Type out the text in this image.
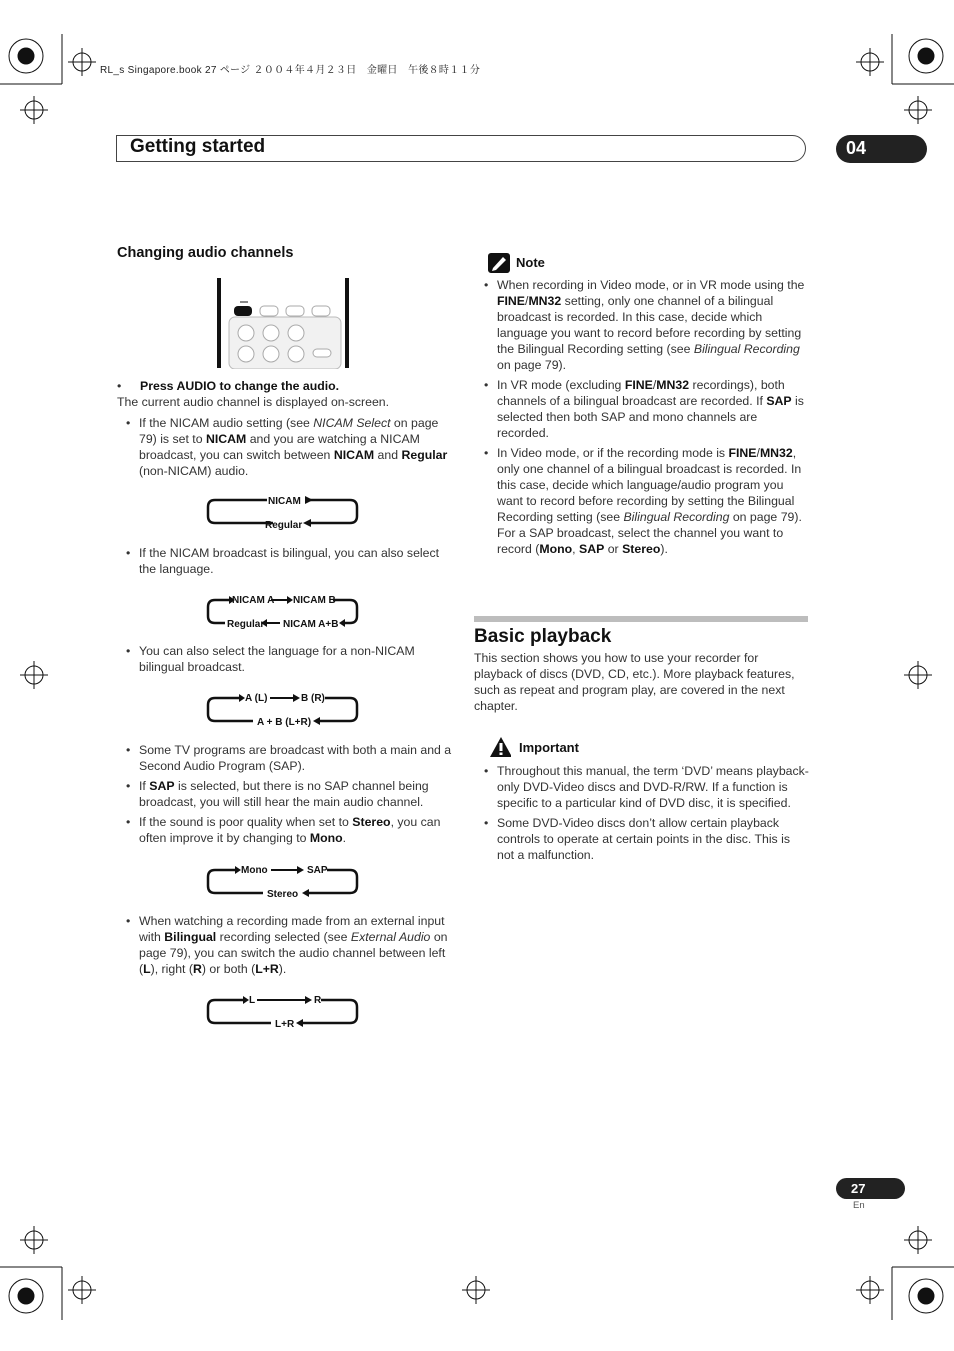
RL_s Singapore.book 27 ページ ２００４年４月２３日　金曜日　午後８時１１分
Getting started	04
Changing audio channels
• Press AUDIO to change the audio.
The current audio channel is displayed on-screen.
• If the NICAM audio setting (see NICAM Select on page 79) is set to NICAM and you are watching a NICAM broadcast, you can switch between NICAM and Regular (non-NICAM) audio.
NICAM
Regular
• If the NICAM broadcast is bilingual, you can also select the language.
NICAM A NICAM B
Regular NICAM A+B
• You can also select the language for a non-NICAM bilingual broadcast.
A (L)	B (R)
A + B (L+R)
• Some TV programs are broadcast with both a main and a Second Audio Program (SAP).
• If SAP is selected, but there is no SAP channel being broadcast, you will still hear the main audio channel.
• If the sound is poor quality when set to Stereo, you can often improve it by changing to Mono.
Mono	SAP
Stereo
• When watching a recording made from an external input with Bilingual recording selected (see External Audio on page 79), you can switch the audio channel between left (L), right (R) or both (L+R).
L	R
L+R
Note
• When recording in Video mode, or in VR mode using the FINE/MN32 setting, only one channel of a bilingual broadcast is recorded. In this case, decide which language you want to record before recording by setting the Bilingual Recording setting (see Bilingual Recording on page 79).
• In VR mode (excluding FINE/MN32 recordings), both channels of a bilingual broadcast are recorded. If SAP is selected then both SAP and mono channels are recorded.
• In Video mode, or if the recording mode is FINE/MN32, only one channel of a bilingual broadcast is recorded. In this case, decide which language/audio program you want to record before recording by setting the Bilingual Recording setting (see Bilingual Recording on page 79). For a SAP broadcast, select the channel you want to record (Mono, SAP or Stereo).
Basic playback
This section shows you how to use your recorder for playback of discs (DVD, CD, etc.). More playback features, such as repeat and program play, are covered in the next chapter.
Important
• Throughout this manual, the term ‘DVD’ means playback-only DVD-Video discs and DVD-R/RW. If a function is specific to a particular kind of DVD disc, it is specified.
• Some DVD-Video discs don’t allow certain playback controls to operate at certain points in the disc. This is not a malfunction.
27
En
